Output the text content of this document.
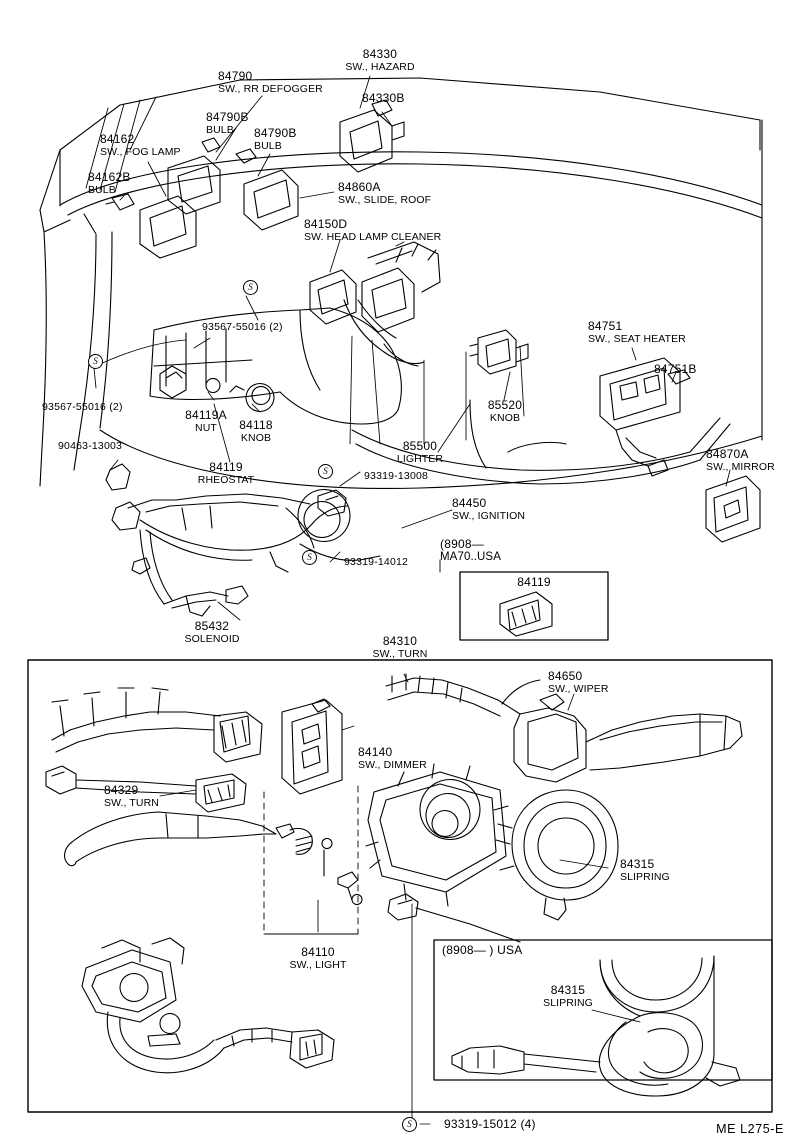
84330
SW., HAZARD
84330B
84790
SW., RR DEFOGGER
84790B
BULB	84790B
BULB
84162
SW., FOG LAMP
84162B
BULB	84860A
SW., SLIDE, ROOF
84150D
SW. HEAD LAMP CLEANER
93567-55016 (2)
93567-55016 (2)
84751
SW., SEAT HEATER
84751B
85520
KNOB
84118
KNOB
84119A
NUT
84119
RHEOSTAT
85500
LIGHTER
90463-13003
93319-13008
93319-14012
84450
SW., IGNITION
(8908—
MA70..USA
84870A
SW., MIRROR
85432
SOLENOID
84119
S
S
S
S
S
84310
SW., TURN
84650
SW., WIPER
84140
SW., DIMMER
84329
SW., TURN
84110
SW., LIGHT
84315
SLIPRING
84315
SLIPRING
93319-15012 (4)
(8908— ) USA
ME L275-E
